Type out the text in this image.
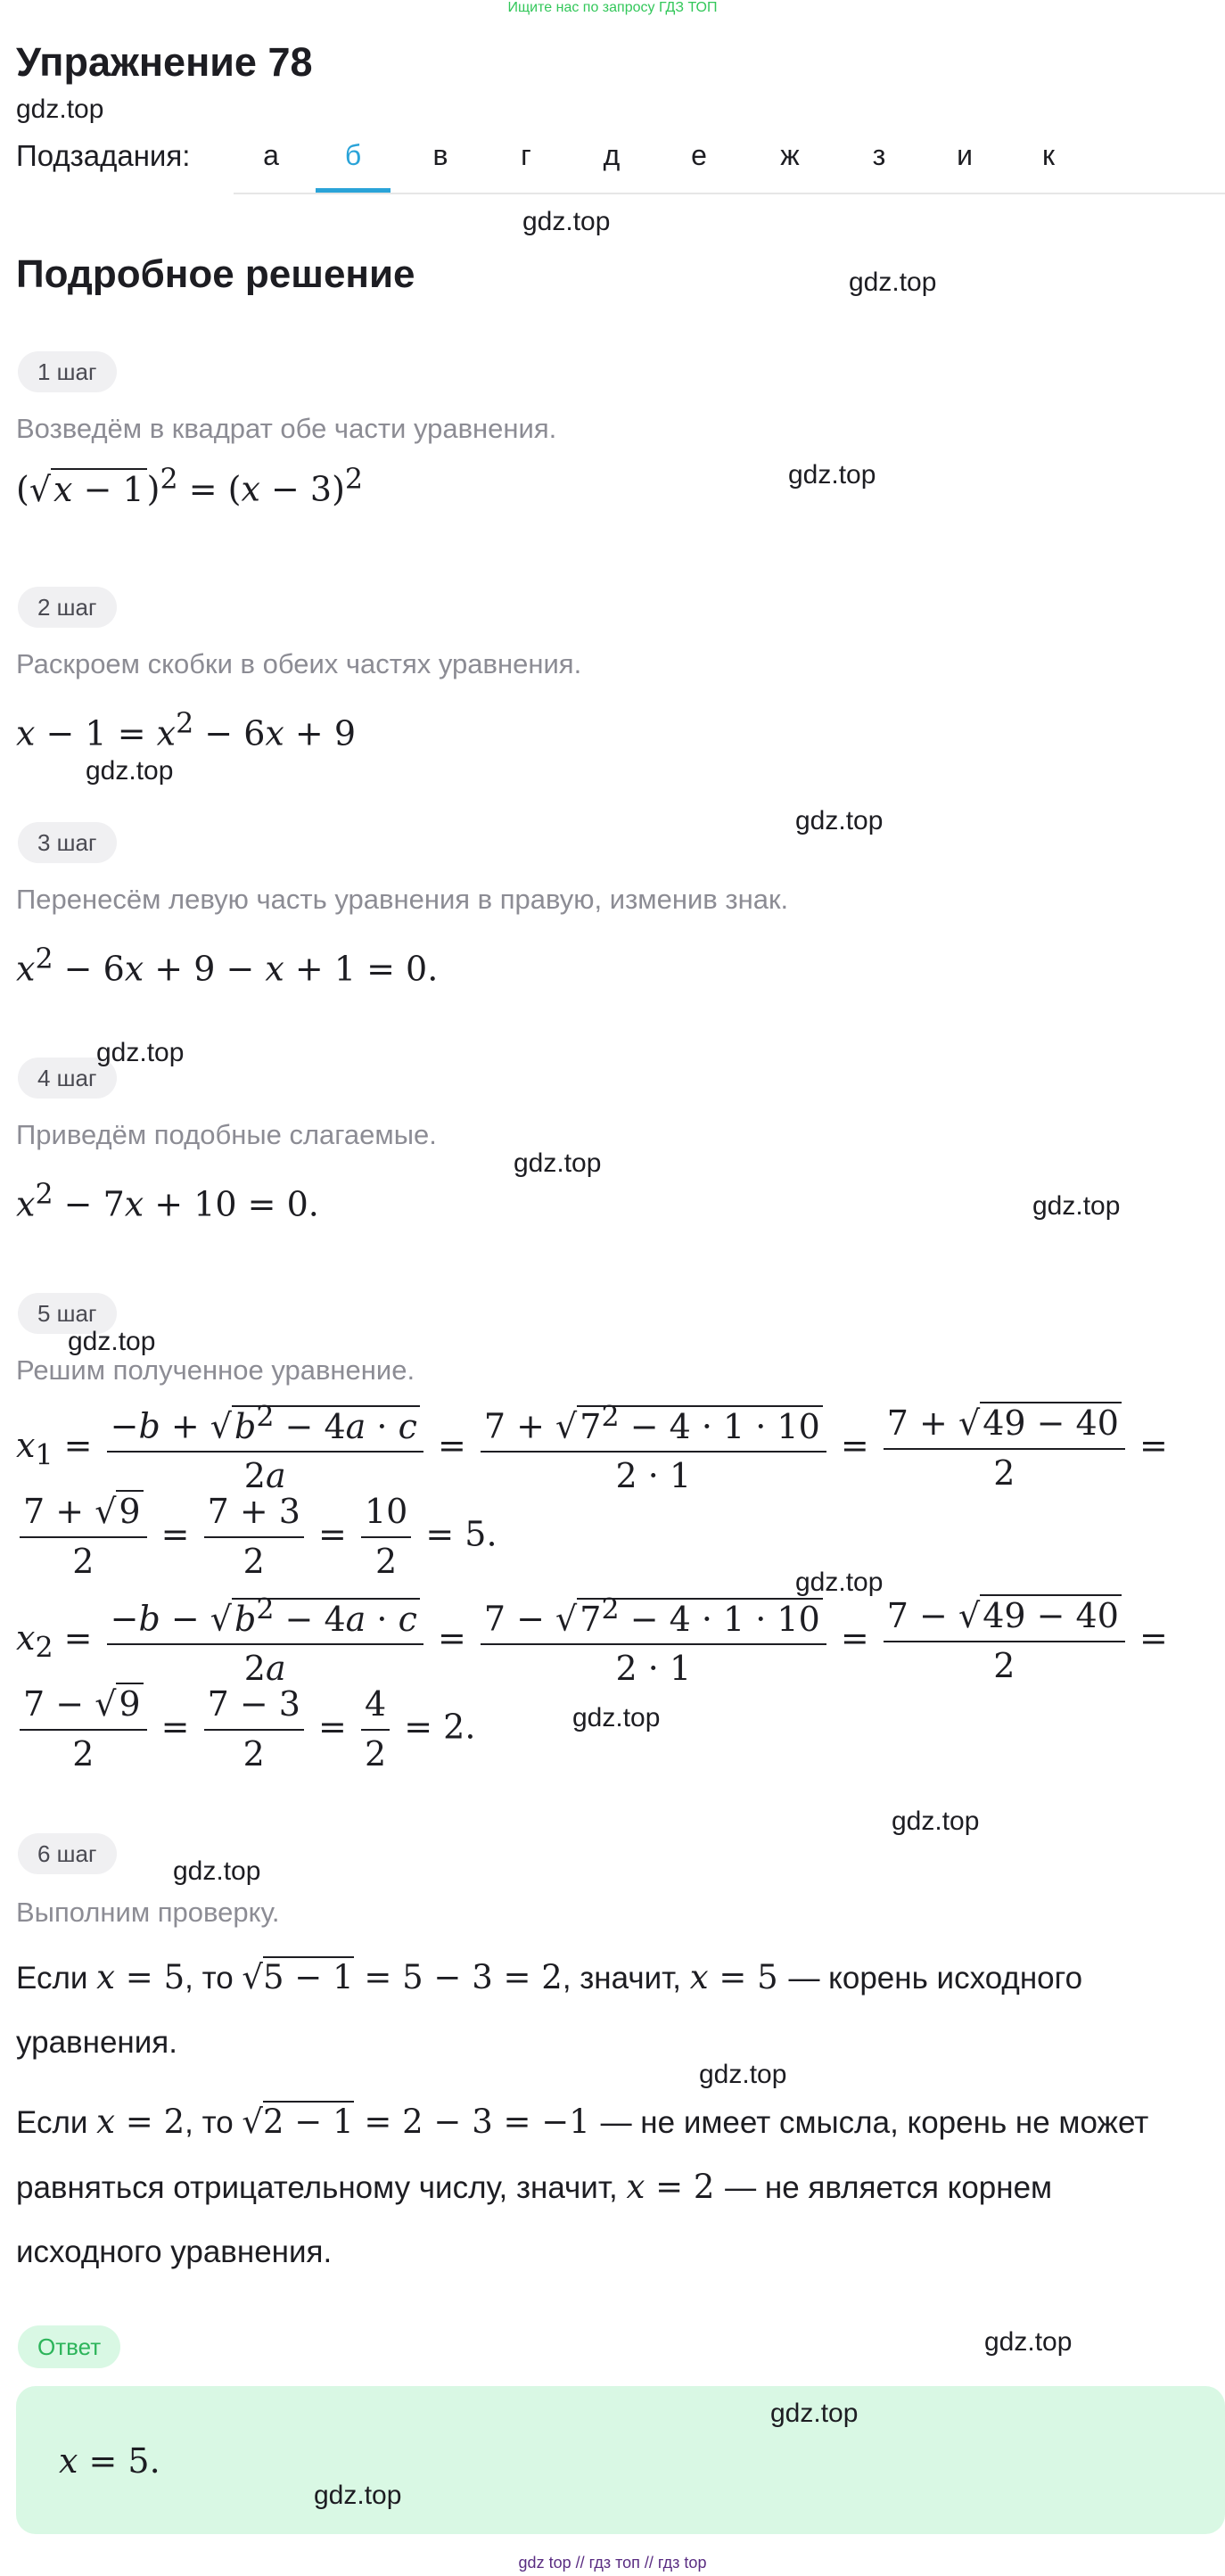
Ищите нас по запросу ГДЗ ТОП
Упражнение 78
gdz.top
Подзадания:	а	б	в	г	д	е	ж	з	и	к
gdz.top
Подробное решение	gdz.top
1 шаг
Возведём в квадрат обе части уравнения.
$(√x - 1)^2 = (x - 3)^2$	gdz.top
2 шаг
Раскроем скобки в обеих частях уравнения.
$x - 1 = x^2 - 6x + 9$
gdz.top
gdz.top
3 шаг
Перенесём левую часть уравнения в правую, изменив знак.
$x^2 - 6x + 9 - x + 1 = 0$.
4 шаг
gdz.top
Приведём подобные слагаемые.
gdz.top
$x^2 - 7x + 10 = 0$.	gdz.top
5 шаг
gdz.top
Решим полученное уравнение.
$x_1 = \frac{-b + √b^2 - 4a \cdot c}{2a} = \frac{7 + √7^2 - 4 \cdot 1 \cdot 10}{2 \cdot 1} = \frac{7 + √49 - 40}{2}$ =
$\frac{7 + √9}{2} = \frac{7 + 3}{2} = \frac{10}{2} = 5$.
gdz.top
$x_2 = \frac{-b - √b^2 - 4a \cdot c}{2a} = \frac{7 - √7^2 - 4 \cdot 1 \cdot 10}{2 \cdot 1} = \frac{7 - √49 - 40}{2}$ =
$\frac{7 - √9}{2} = \frac{7 - 3}{2} = \frac{4}{2} = 2$.	gdz.top
gdz.top
6 шаг
gdz.top
Выполним проверку.
Если x = 5, то √5 − 1 = 5 − 3 = 2, значит, x = 5 — корень исходного уравнения.
gdz.top
Если x = 2, то √2 − 1 = 2 − 3 = −1 — не имеет смысла, корень не может равняться отрицательному числу, значит, x = 2 — не является корнем исходного уравнения.
gdz.top
Ответ
gdz.top
x = 5.
gdz.top
gdz top // гдз топ // гдз top
